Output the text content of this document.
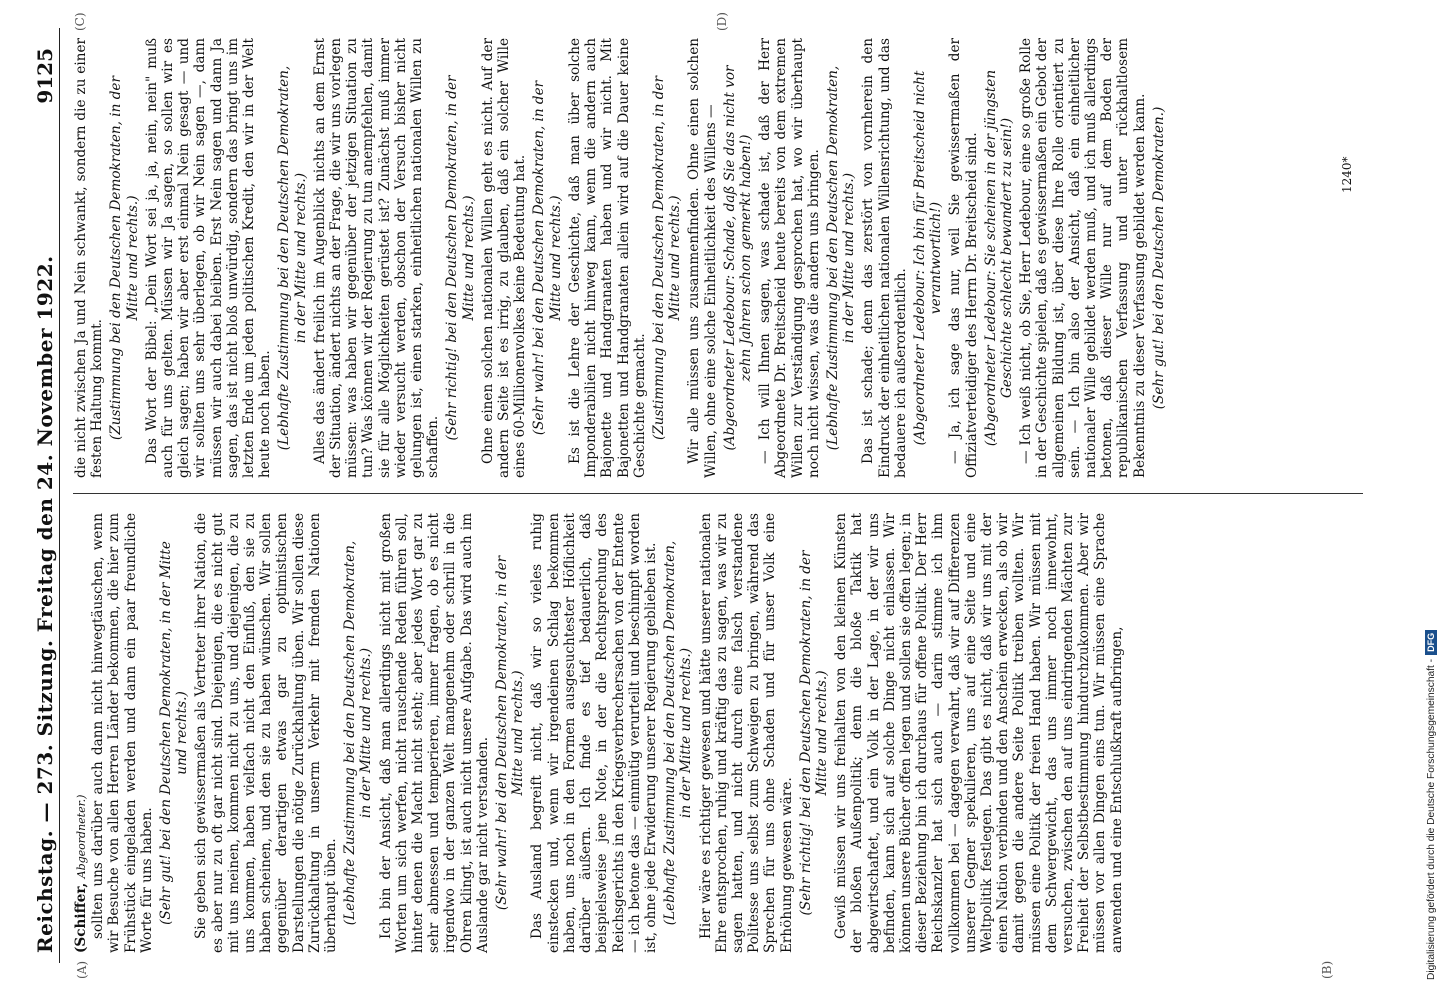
Reichstag. — 273. Sitzung. Freitag den 24. November 1922.
9125
(A)	(B)
(C)	(D)

(Schiffer, Abgeordneter.) sollten uns darüber auch dann nicht hinwegtäuschen, wenn wir Besuche von allen Herren Länder bekommen, die hier zum Frühstück eingeladen werden und dann ein paar freundliche Worte für uns haben. (Sehr gut! bei den Deutschen Demokraten, in der Mitte und rechts.) Sie geben sich gewissermaßen als Vertreter ihrer Nation, die es aber nur zu oft gar nicht sind. Diejenigen, die es nicht gut mit uns meinen, kommen nicht zu uns, und diejenigen, die zu uns kommen, haben vielfach nicht den Einfluß, den sie zu haben scheinen, und den sie zu haben wünschen. Wir sollen gegenüber derartigen etwas gar zu optimistischen Darstellungen die nötige Zurückhaltung üben. Wir sollen diese Zurückhaltung in unserm Verkehr mit fremden Nationen überhaupt üben. (Lebhafte Zustimmung bei den Deutschen Demokraten, in der Mitte und rechts.) Ich bin der Ansicht, daß man allerdings nicht mit großen Worten um sich werfen, nicht rauschende Reden führen soll, hinter denen die Macht nicht steht; aber jedes Wort gar zu sehr abmessen und temperieren, immer fragen, ob es nicht irgendwo in der ganzen Welt mangenehm oder schrill in die Ohren klingt, ist auch nicht unsere Aufgabe. Das wird auch im Auslande gar nicht verstanden. (Sehr wahr! bei den Deutschen Demokraten, in der Mitte und rechts.) Das Ausland begreift nicht, daß wir so vieles ruhig einstecken und, wenn wir irgendeinen Schlag bekommen haben, uns noch in den Formen ausgesuchtester Höflichkeit darüber äußern. Ich finde es tief bedauerlich, daß beispielsweise jene Note, in der die Rechtsprechung des Reichsgerichts in den Kriegsverbrechersachen von der Entente — ich betone das — einmütig verurteilt und beschimpft worden ist, ohne jede Erwiderung unserer Regierung geblieben ist. (Lebhafte Zustimmung bei den Deutschen Demokraten, in der Mitte und rechts.) Hier wäre es richtiger gewesen und hätte unserer nationalen Ehre entsprochen, ruhig und kräftig das zu sagen, was wir zu sagen hatten, und nicht durch eine falsch verstandene Politesse uns selbst zum Schweigen zu bringen, während das Sprechen für uns ohne Schaden und für unser Volk eine Erhöhung gewesen wäre. (Sehr richtig! bei den Deutschen Demokraten, in der Mitte und rechts.) Gewiß müssen wir uns freihalten von den kleinen Künsten der bloßen Außenpolitik; denn die bloße Taktik hat abgewirtschaftet, und ein Volk in der Lage, in der wir uns befinden, kann sich auf solche Dinge nicht einlassen. Wir können unsere Bücher offen legen und sollen sie offen legen; in dieser Beziehung bin ich durchaus für offene Politik. Der Herr Reichskanzler hat sich auch — darin stimme ich ihm vollkommen bei — dagegen verwahrt, daß wir auf Differenzen unserer Gegner spekulieren, uns auf eine Seite und eine Weltpolitik festlegen. Das gibt es nicht, daß wir uns mit der einen Nation verbinden und den Anschein erwecken, als ob wir damit gegen die andere Seite Politik treiben wollten. Wir müssen eine Politik der freien Hand haben. Wir müssen mit dem Schwergewicht, das uns immer noch innewohnt, versuchen, zwischen den auf uns eindringenden Mächten zur Freiheit der Selbstbestimmung hindurchzukommen. Aber wir müssen vor allen Dingen eins tun. Wir müssen eine Sprache anwenden und eine Entschlußkraft aufbringen,

die nicht zwischen Ja und Nein schwankt, sondern die zu einer festen Haltung kommt. (Zustimmung bei den Deutschen Demokraten, in der Mitte und rechts.) Das Wort der Bibel: „Dein Wort sei ja, ja, nein, nein" muß auch für uns gelten. Müssen wir Ja sagen, so sollen wir es gleich sagen; haben wir aber erst einmal Nein gesagt — und wir sollten uns sehr überlegen, ob wir Nein sagen —, dann müssen wir auch dabei bleiben. Erst Nein sagen und dann Ja sagen, das ist nicht bloß unwürdig, sondern das bringt uns im letzten Ende um jeden politischen Kredit, den wir in der Welt heute noch haben. (Lebhafte Zustimmung bei den Deutschen Demokraten, in der Mitte und rechts.) Alles das ändert freilich im Augenblick nichts an dem Ernst der Situation, ändert nichts an der Frage, die wir uns vorlegen müssen: was haben wir gegenüber der jetzigen Situation zu tun? Was können wir der Regierung zu tun anempfehlen, damit sie für alle Möglichkeiten gerüstet ist? Zunächst muß immer wieder versucht werden, obschon der Versuch bisher nicht gelungen ist, einen starken, einheitlichen nationalen Willen zu schaffen.

(Sehr richtig! bei den Deutschen Demokraten, in der Mitte und rechts.) Ohne einen solchen nationalen Willen geht es nicht. Auf der andern Seite ist es irrig, zu glauben, daß ein solcher Wille eines 60-Millionenvolkes keine Bedeutung hat. (Sehr wahr! bei den Deutschen Demokraten, in der Mitte und rechts.) Es ist die Lehre der Geschichte, daß man über solche Imponderabilien nicht hinweg kann, wenn die andern auch Bajonette und Handgranaten haben und wir nicht. Mit Bajonetten und Handgranaten allein wird auf die Dauer keine Geschichte gemacht. (Zustimmung bei den Deutschen Demokraten, in der Mitte und rechts.) Wir alle müssen uns zusammenfinden. Ohne einen solchen Willen, ohne eine solche Einheitlichkeit des Willens — (Abgeordneter Ledebour: Schade, daß Sie das nicht vor zehn Jahren schon gemerkt haben!) — Ich will Ihnen sagen, was schade ist, daß der Herr Abgeordnete Dr. Breitscheid heute bereits von dem extremen Willen zur Verständigung gesprochen hat, wo wir überhaupt noch nicht wissen, was die andern uns bringen. (Lebhafte Zustimmung bei den Deutschen Demokraten, in der Mitte und rechts.) Das ist schade; denn das zerstört von vornherein den Eindruck der einheitlichen nationalen Willensrichtung, und das bedauere ich außerordentlich. (Abgeordneter Ledebour: Ich bin für Breitscheid nicht verantwortlich!) — Ja, ich sage das nur, weil Sie gewissermaßen der Offiziatverteidiger des Herrn Dr. Breitscheid sind. (Abgeordneter Ledebour: Sie scheinen in der jüngsten Geschichte schlecht bewandert zu sein!) — Ich weiß nicht, ob Sie, Herr Ledebour, eine so große Rolle in der Geschichte spielen, daß es gewissermaßen ein Gebot der allgemeinen Bildung ist, über diese Ihre Rolle orientiert zu sein. — Ich bin also der Ansicht, daß ein einheitlicher nationaler Wille gebildet werden muß, und ich muß allerdings betonen, daß dieser Wille nur auf dem Boden der republikanischen Verfassung und unter rückhaltlosem Bekenntnis zu dieser Verfassung gebildet werden kann. (Sehr gut! bei den Deutschen Demokraten.)	1240*
Digitalisierung gefördert durch die Deutsche Forschungsgemeinschaft -DFG
